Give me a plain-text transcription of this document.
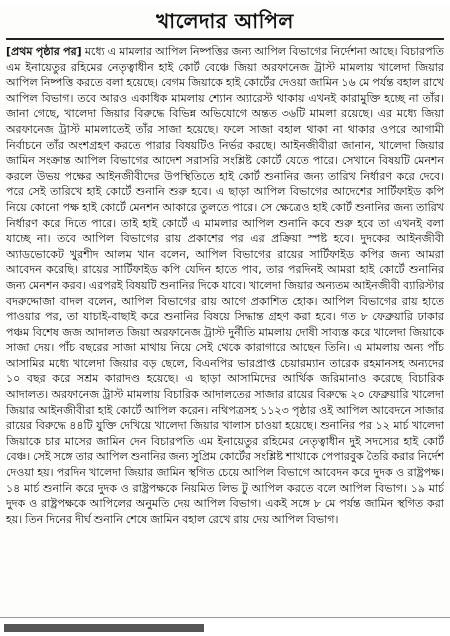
খালেদার আপিল

[প্রথম পৃষ্ঠার পর] মধ্যে এ মামলার আপিল নিষ্পত্তির জন্য আপিল বিভাগের নির্দেশনা আছে। বিচারপতি এম ইনায়েতুর রহিমের নেতৃত্বাধীন হাই কোর্ট বেঞ্চে জিয়া অরফানেজ ট্রাস্ট মামলায় খালেদা জিয়ার আপিল নিষ্পত্তি করতে বলা হয়েছে। বেগম জিয়াকে হাই কোর্টের দেওয়া জামিন ১৬ মে পর্যন্ত বহাল রাখে আপিল বিভাগ। তবে আরও একাধিক মামলায় শ্যোন অ্যারেস্ট থাকায় এখনই কারামুক্তি হচ্ছে না তাঁর। জানা গেছে, খালেদা জিয়ার বিরুদ্ধে বিভিন্ন অভিযোগে অন্তত ৩৬টি মামলা রয়েছে। এর মধ্যে জিয়া অরফানেজ ট্রাস্ট মামলাতেই তাঁর সাজা হয়েছে। ফলে সাজা বহাল থাকা না থাকার ওপরে আগামী নির্বাচনে তাঁর অংশগ্রহণ করতে পারার বিষয়টিও নির্ভর করছে। আইনজীবীরা জানান, খালেদা জিয়ার জামিন সংক্রান্ত আপিল বিভাগের আদেশ সরাসরি সংশ্লিষ্ট কোর্টে যেতে পারে। সেখানে বিষয়টি মেনশন করলে উভয় পক্ষের আইনজীবীদের উপস্থিতিতে হাই কোর্ট শুনানির জন্য তারিখ নির্ধারণ করে দেবে। পরে সেই তারিখে হাই কোর্টে শুনানি শুরু হবে। এ ছাড়া আপিল বিভাগের আদেশের সার্টিফাইড কপি নিয়ে কোনো পক্ষ হাই কোর্টে মেনশন আকারে তুলতে পারে। সে ক্ষেত্রেও হাই কোর্ট শুনানির জন্য তারিখ নির্ধারণ করে দিতে পারে। তাই হাই কোর্টে এ মামলার আপিল শুনানি কবে শুরু হবে তা এখনই বলা যাচ্ছে না। তবে আপিল বিভাগের রায় প্রকাশের পর এর প্রক্রিয়া স্পষ্ট হবে। দুদকের আইনজীবী অ্যাডভোকেট খুরশীদ আলম খান বলেন, আপিল বিভাগের রায়ের সার্টিফাইড কপির জন্য আমরা আবেদন করেছি। রায়ের সার্টিফাইড কপি যেদিন হাতে পাব, তার পরদিনই আমরা হাই কোর্টে শুনানির জন্য মেনশন করব। এরপরই বিষয়টি শুনানির দিকে যাবে। খালেদা জিয়ার অন্যতম আইনজীবী ব্যারিস্টার বদরুদ্দোজা বাদল বলেন, আপিল বিভাগের রায় আগে প্রকাশিত হোক। আপিল বিভাগের রায় হাতে পাওয়ার পর, তা যাচাই-বাছাই করে শুনানির বিষয়ে সিদ্ধান্ত গ্রহণ করা হবে। গত ৮ ফেব্রুয়ারি ঢাকার পঞ্চম বিশেষ জজ আদালত জিয়া অরফানেজ ট্রাস্ট দুর্নীতি মামলায় দোষী সাব্যস্ত করে খালেদা জিয়াকে সাজা দেয়। পাঁচ বছরের সাজা মাথায় নিয়ে সেই থেকে কারাগারে আছেন তিনি। এ মামলায় অন্য পাঁচ আসামির মধ্যে খালেদা জিয়ার বড় ছেলে, বিএনপির ভারপ্রাপ্ত চেয়ারম্যান তারেক রহমানসহ অন্যদের ১০ বছর করে সশ্রম কারাদণ্ড হয়েছে। এ ছাড়া আসামিদের আর্থিক জরিমানাও করেছে বিচারিক আদালত। অরফানেজ ট্রাস্ট মামলায় বিচারিক আদালতের সাজার রায়ের বিরুদ্ধে ২০ ফেব্রুয়ারি খালেদা জিয়ার আইনজীবীরা হাই কোর্টে আপিল করেন। নথিপত্রসহ ১১২৩ পৃষ্ঠার ওই আপিল আবেদনে সাজার রায়ের বিরুদ্ধে ৪৪টি যুক্তি দেখিয়ে খালেদা জিয়ার খালাস চাওয়া হয়েছে। শুনানির পর ১২ মার্চ খালেদা জিয়াকে চার মাসের জামিন দেন বিচারপতি এম ইনায়েতুর রহিমের নেতৃত্বাধীন দুই সদস্যের হাই কোর্ট বেঞ্চ। সেই সঙ্গে তার আপিল শুনানির জন্য সুপ্রিম কোর্টের সংশ্লিষ্ট শাখাকে পেপারবুক তৈরি করার নির্দেশ দেওয়া হয়। পরদিন খালেদা জিয়ার জামিন স্থগিত চেয়ে আপিল বিভাগে আবেদন করে দুদক ও রাষ্ট্রপক্ষ। ১৪ মার্চ শুনানি করে দুদক ও রাষ্ট্রপক্ষকে নিয়মিত লিভ টু আপিল করতে বলে আপিল বিভাগ। ১৯ মার্চ দুদক ও রাষ্ট্রপক্ষকে আপিলের অনুমতি দেয় আপিল বিভাগ। একই সঙ্গে ৮ মে পর্যন্ত জামিন স্থগিত করা হয়। তিন দিনের দীর্ঘ শুনানি শেষে জামিন বহাল রেখে রায় দেয় আপিল বিভাগ।
